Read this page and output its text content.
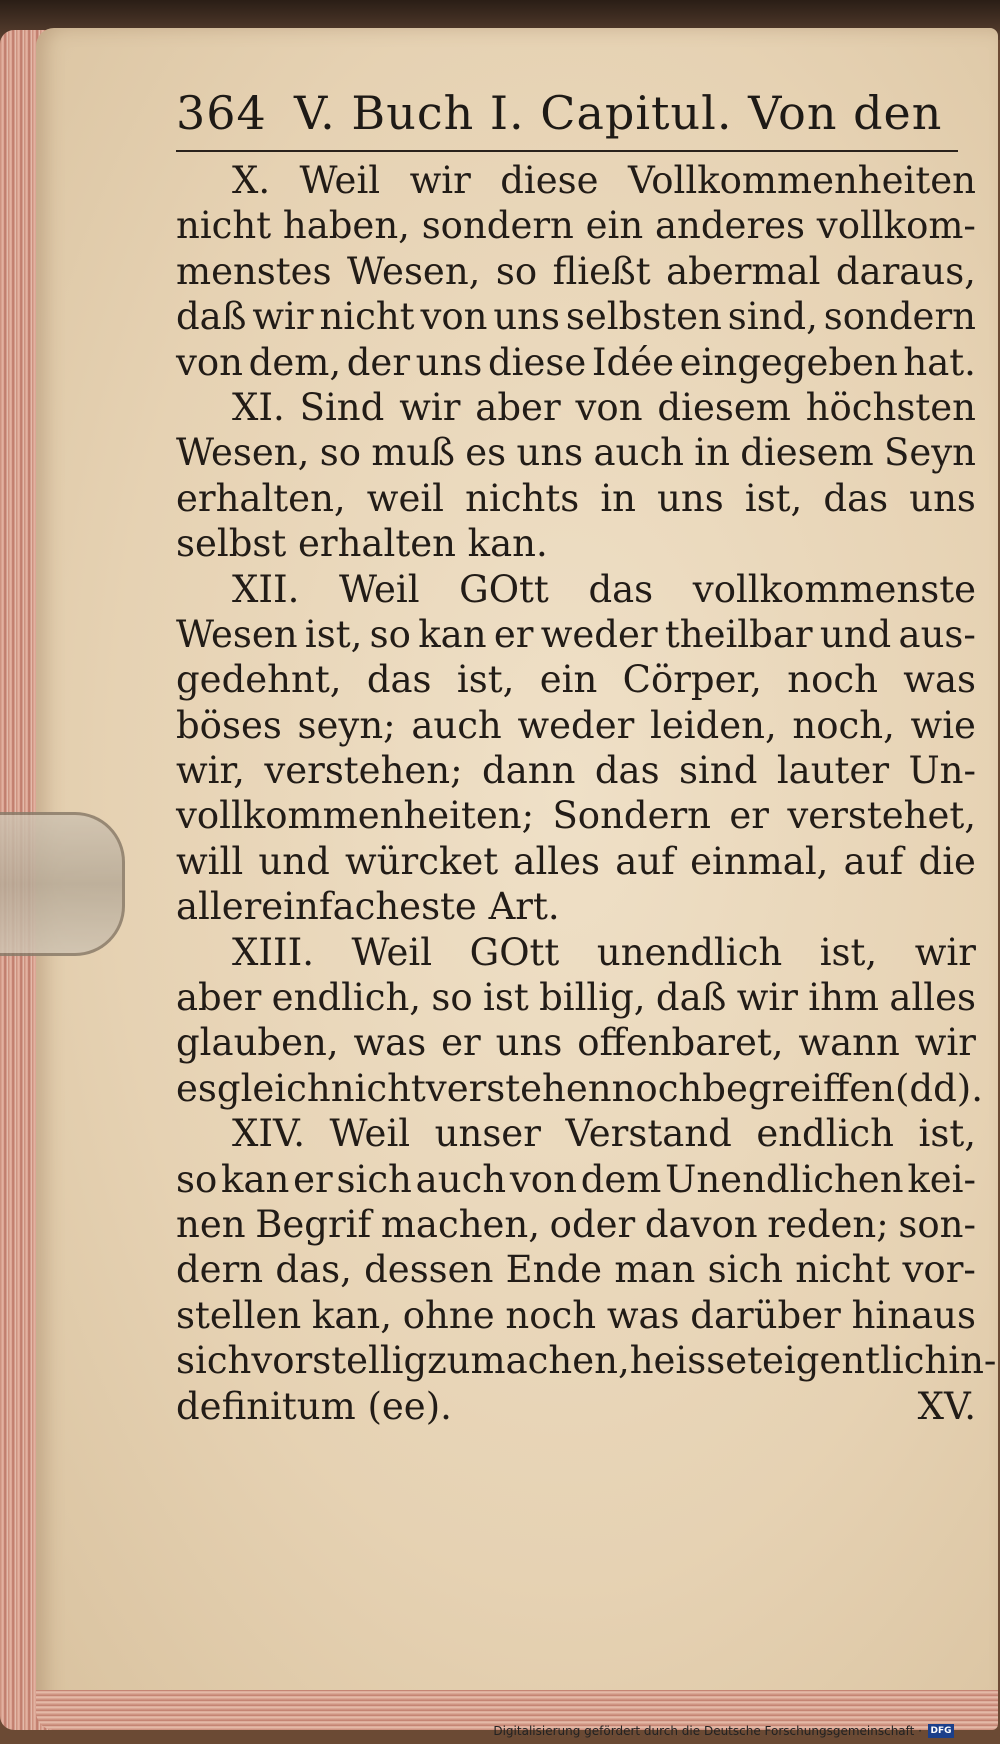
364 V. Buch I. Capitul. Von den
X. Weil wir diese Vollkommenheiten
nicht haben, sondern ein anderes vollkom-
menstes Wesen, so fließt abermal daraus,
daß wir nicht von uns selbsten sind, sondern
von dem, der uns diese Idée eingegeben hat.
XI. Sind wir aber von diesem höchsten
Wesen, so muß es uns auch in diesem Seyn
erhalten, weil nichts in uns ist, das uns
selbst erhalten kan.
XII. Weil GOtt das vollkommenste
Wesen ist, so kan er weder theilbar und aus-
gedehnt, das ist, ein Cörper, noch was
böses seyn; auch weder leiden, noch, wie
wir, verstehen; dann das sind lauter Un-
vollkommenheiten; Sondern er verstehet,
will und würcket alles auf einmal, auf die
allereinfacheste Art.
XIII. Weil GOtt unendlich ist, wir
aber endlich, so ist billig, daß wir ihm alles
glauben, was er uns offenbaret, wann wir
es gleich nicht verstehen noch begreiffen (dd).
XIV. Weil unser Verstand endlich ist,
so kan er sich auch von dem Unendlichen kei-
nen Begrif machen, oder davon reden; son-
dern das, dessen Ende man sich nicht vor-
stellen kan, ohne noch was darüber hinaus
sich vorstellig zu machen, heisset eigentlich in-
definitum (ee).	XV.
Digitalisierung gefördert durch die Deutsche Forschungsgemeinschaft · DFG
